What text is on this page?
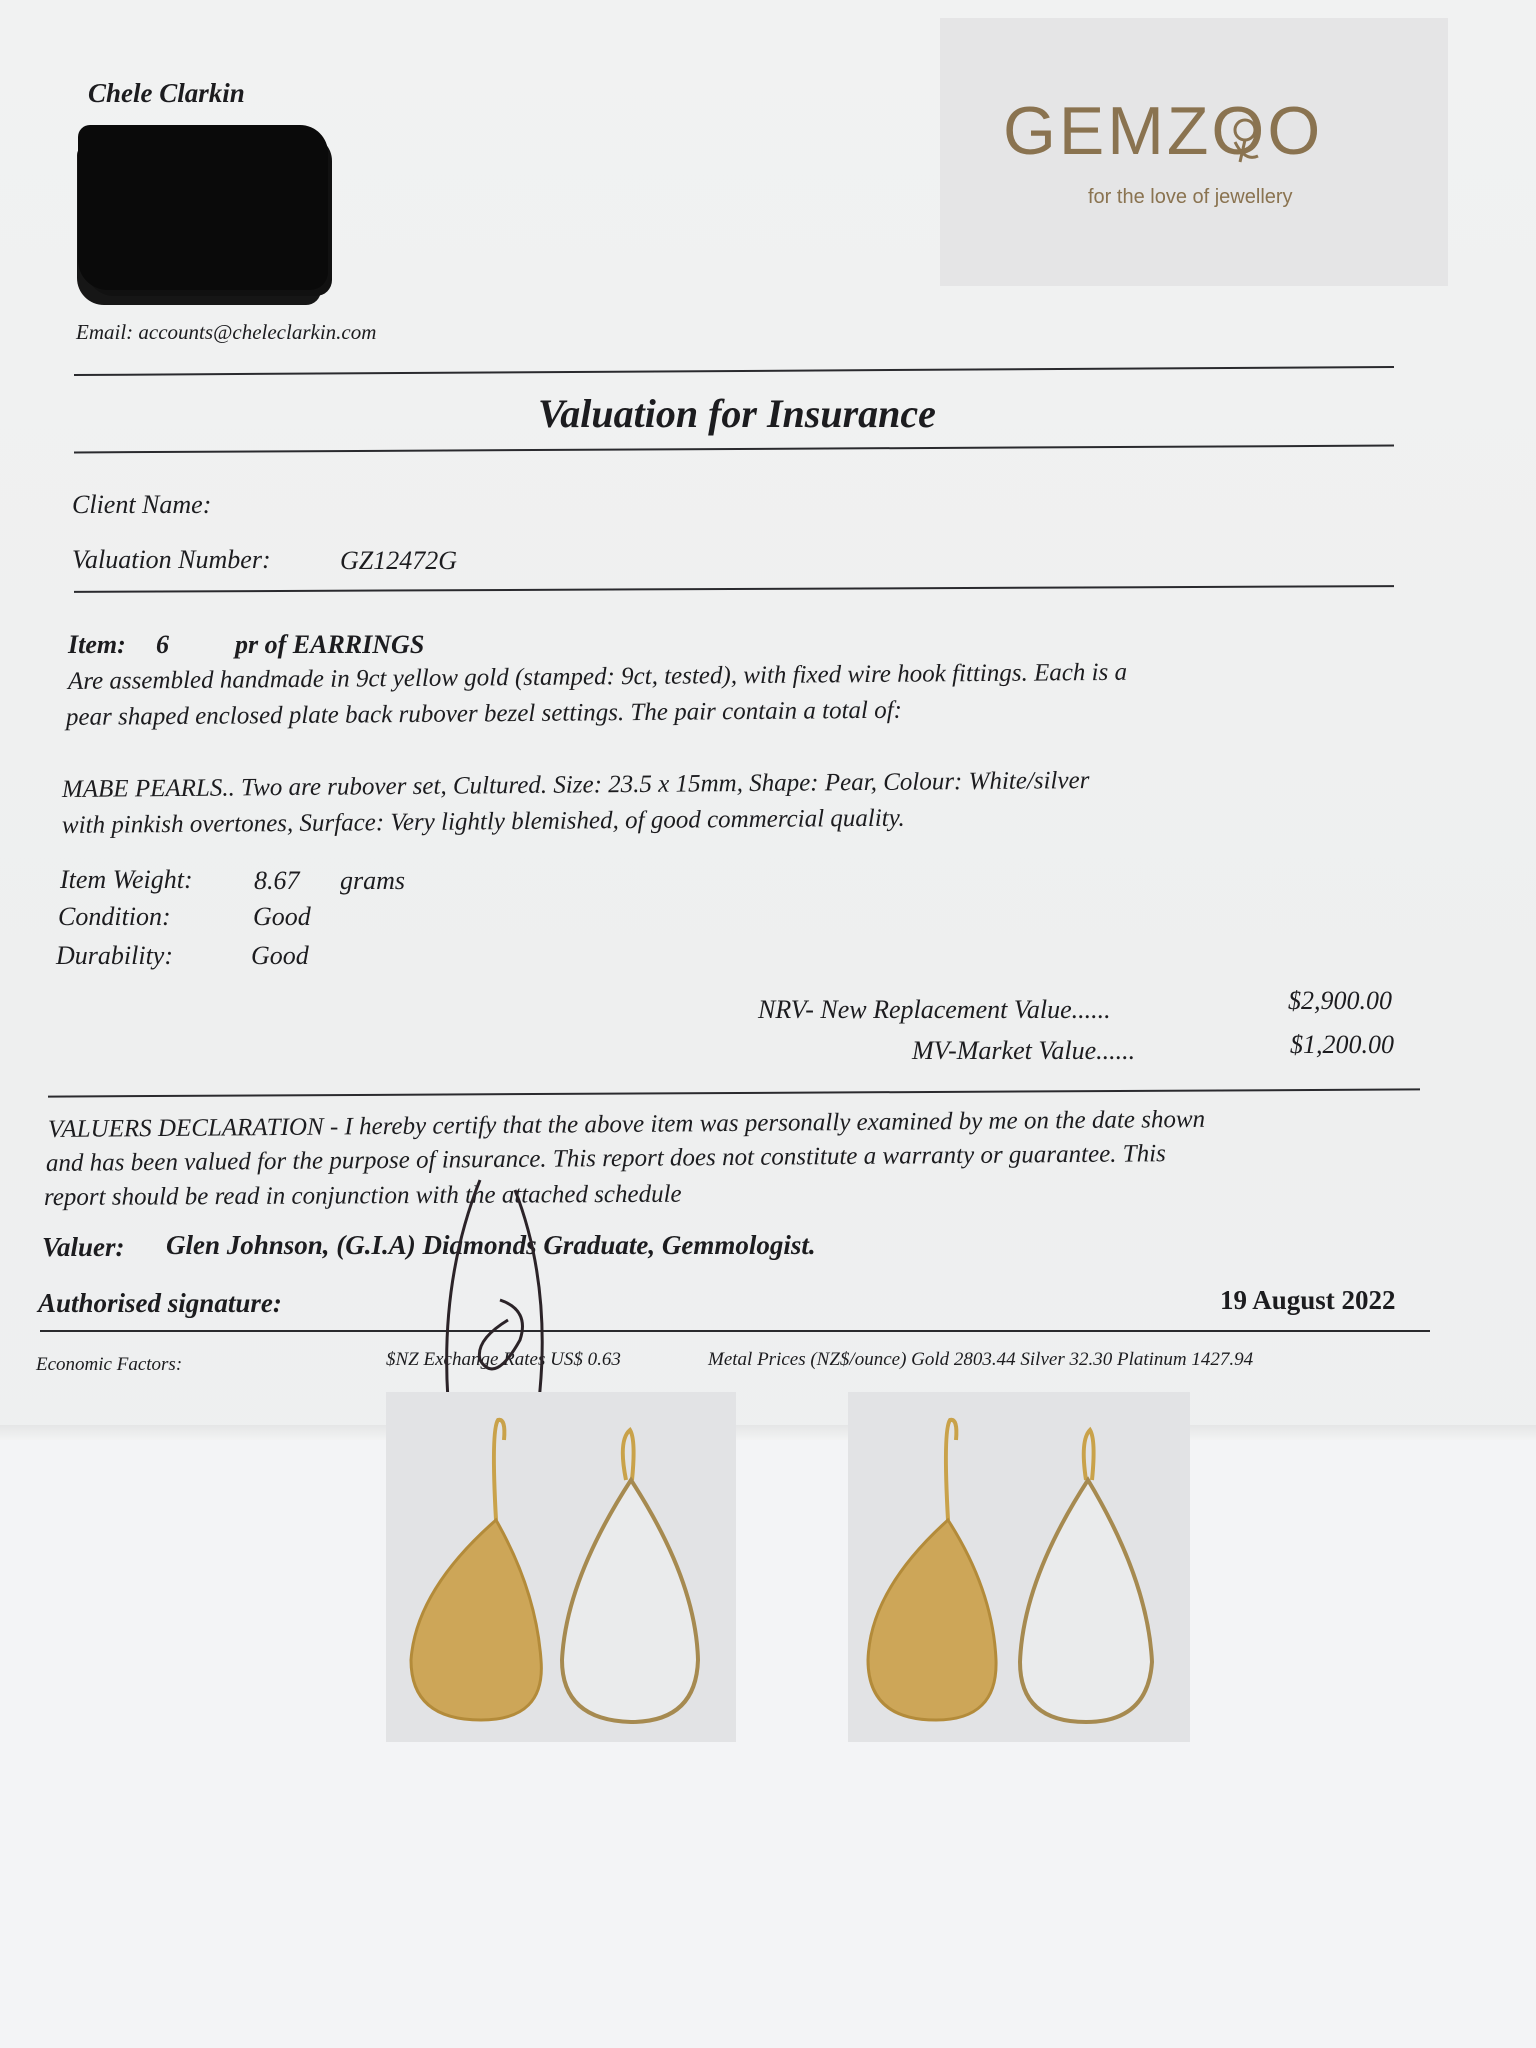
Chele Clarkin
Email: accounts@cheleclarkin.com
GEMZOO
for the love of jewellery
Valuation for Insurance
Client Name:
Valuation Number:	GZ12472G
Item: 6	pr of EARRINGS
Are assembled handmade in 9ct yellow gold (stamped: 9ct, tested), with fixed wire hook fittings. Each is a
pear shaped enclosed plate back rubover bezel settings. The pair contain a total of:
MABE PEARLS.. Two are rubover set, Cultured. Size: 23.5 x 15mm, Shape: Pear, Colour: White/silver
with pinkish overtones, Surface: Very lightly blemished, of good commercial quality.
Item Weight: 8.67 grams
Condition:	Good
Durability:	Good
NRV- New Replacement Value......	$2,900.00
MV-Market Value......	$1,200.00
VALUERS DECLARATION - I hereby certify that the above item was personally examined by me on the date shown
and has been valued for the purpose of insurance. This report does not constitute a warranty or guarantee. This
report should be read in conjunction with the attached schedule
Valuer: Glen Johnson, (G.I.A) Diamonds Graduate, Gemmologist.
Authorised signature:	19 August 2022
Economic Factors:	$NZ Exchange Rates US$ 0.63	Metal Prices (NZ$/ounce) Gold 2803.44 Silver 32.30 Platinum 1427.94
